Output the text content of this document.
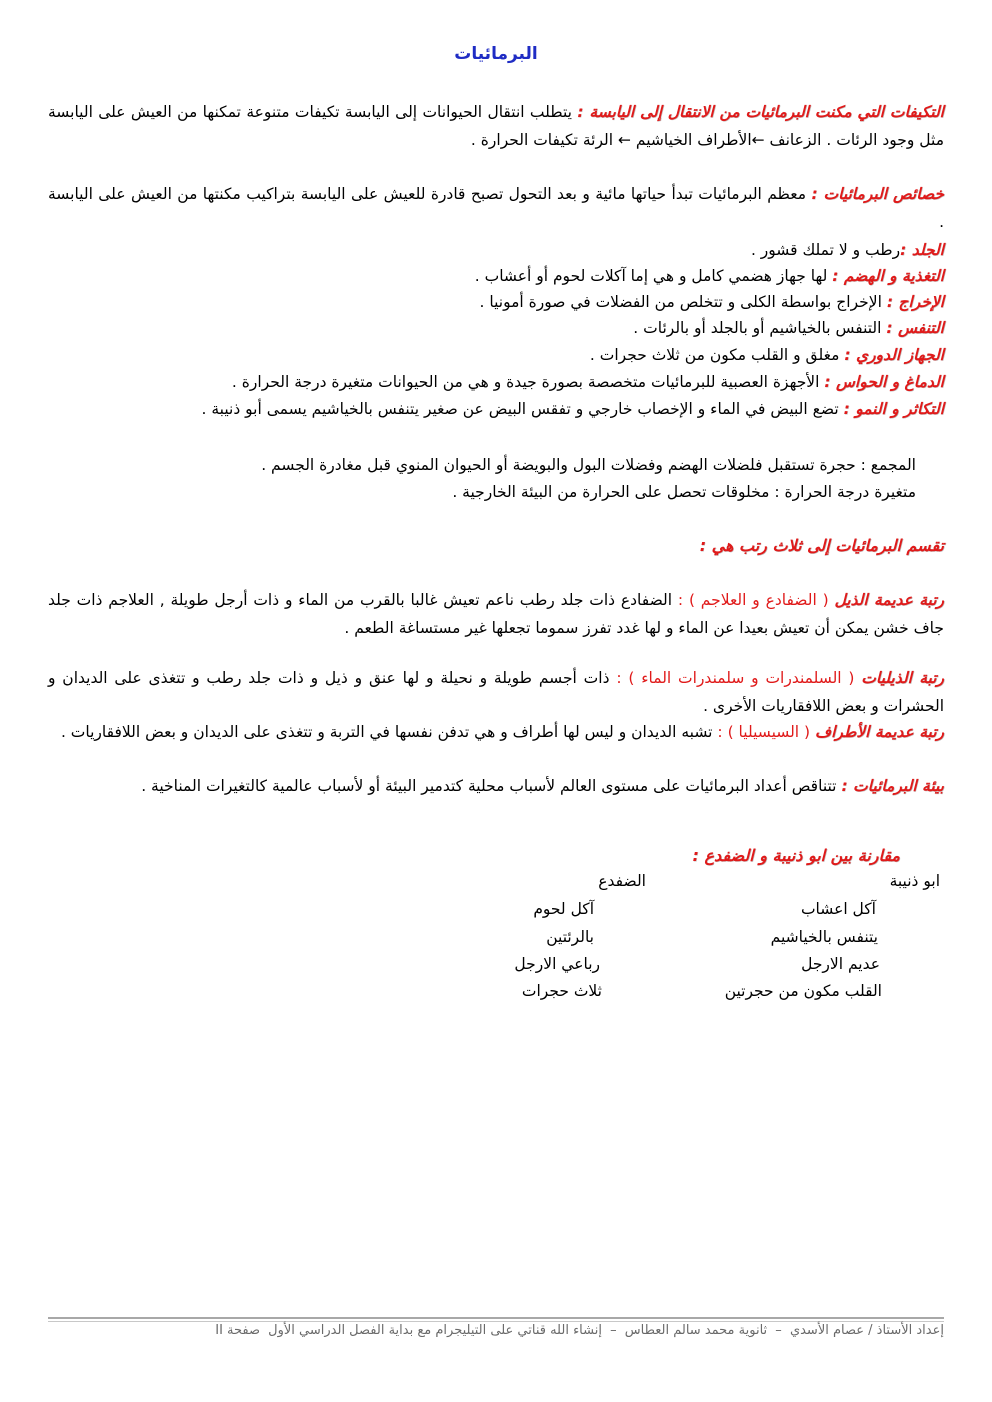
البرمائيات
التكيفات التي مكنت البرمائيات من الانتقال إلى اليابسة : يتطلب انتقال الحيوانات إلى اليابسة تكيفات متنوعة تمكنها من العيش على اليابسة مثل وجود الرئات . الزعانف ←الأطراف الخياشيم ← الرئة تكيفات الحرارة .
خصائص البرمائيات : معظم البرمائيات تبدأ حياتها مائية و بعد التحول تصبح قادرة للعيش على اليابسة بتراكيب مكنتها من العيش على اليابسة .
الجلد :رطب و لا تملك قشور .
التغذية و الهضم : لها جهاز هضمي كامل و هي إما آكلات لحوم أو أعشاب .
الإخراج : الإخراج بواسطة الكلى و تتخلص من الفضلات في صورة أمونيا .
التنفس : التنفس بالخياشيم أو بالجلد أو بالرئات .
الجهاز الدوري : مغلق و القلب مكون من ثلاث حجرات .
الدماغ و الحواس : الأجهزة العصبية للبرمائيات متخصصة بصورة جيدة و هي من الحيوانات متغيرة درجة الحرارة .
التكاثر و النمو : تضع البيض في الماء و الإخصاب خارجي و تفقس البيض عن صغير يتنفس بالخياشيم يسمى أبو ذنيبة .
المجمع : حجرة تستقبل فلضلات الهضم وفضلات البول والبويضة أو الحيوان المنوي قبل مغادرة الجسم .
متغيرة درجة الحرارة : مخلوقات تحصل على الحرارة من البيئة الخارجية .
تقسم البرمائيات إلى ثلاث رتب هي :
رتبة عديمة الذيل ( الضفادع و العلاجم ) : الضفادع ذات جلد رطب ناعم تعيش غالبا بالقرب من الماء و ذات أرجل طويلة , العلاجم ذات جلد جاف خشن يمكن أن تعيش بعيدا عن الماء و لها غدد تفرز سموما تجعلها غير مستساغة الطعم .
رتبة الذيليات ( السلمندرات و سلمندرات الماء ) : ذات أجسم طويلة و نحيلة و لها عنق و ذيل و ذات جلد رطب و تتغذى على الديدان و الحشرات و بعض اللافقاريات الأخرى .
رتبة عديمة الأطراف ( السيسيليا ) : تشبه الديدان و ليس لها أطراف و هي تدفن نفسها في التربة و تتغذى على الديدان و بعض اللافقاريات .
بيئة البرمائيات : تتناقص أعداد البرمائيات على مستوى العالم لأسباب محلية كتدمير البيئة أو لأسباب عالمية كالتغيرات المناخية .
مقارنة بين ابو ذنيبة و الضفدع :
ابو ذنيبة
الضفدع
آكل اعشاب
آكل لحوم
يتنفس بالخياشيم
بالرئتين
عديم الارجل
رباعي الارجل
القلب مكون من حجرتين
ثلاث حجرات
إعداد الأستاذ / عصام الأسدي – ثانوية محمد سالم العطاس – إنشاء الله قناتي على التيليجرام مع بداية الفصل الدراسي الأول صفحة II
